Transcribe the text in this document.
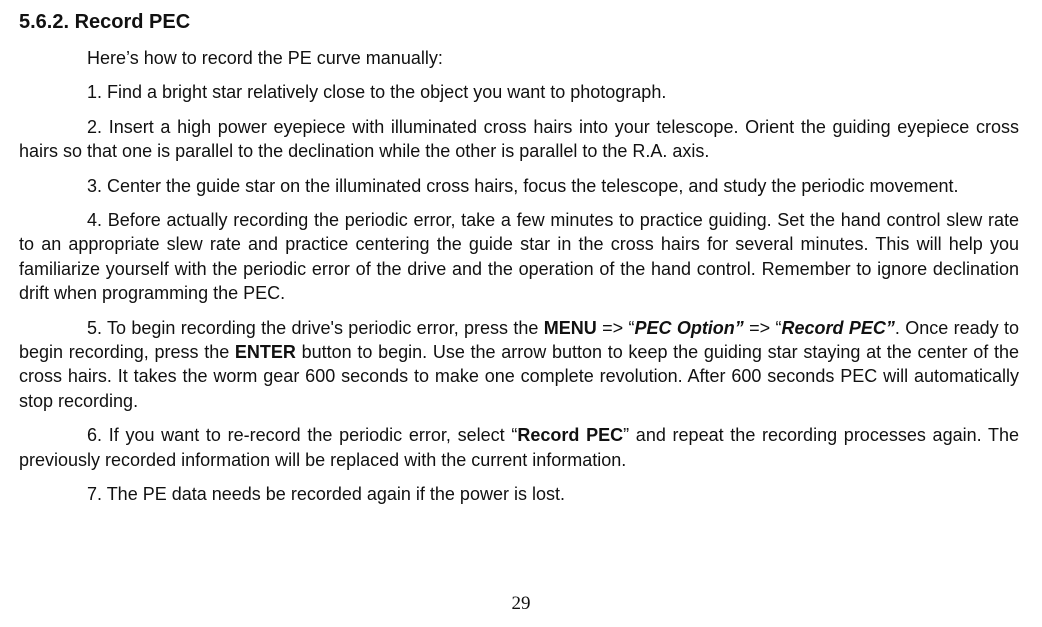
5.6.2. Record PEC

Here’s how to record the PE curve manually:

1. Find a bright star relatively close to the object you want to photograph.

2. Insert a high power eyepiece with illuminated cross hairs into your telescope. Orient the guiding eyepiece cross hairs so that one is parallel to the declination while the other is parallel to the R.A. axis.

3. Center the guide star on the illuminated cross hairs, focus the telescope, and study the periodic movement.

4. Before actually recording the periodic error, take a few minutes to practice guiding. Set the hand control slew rate to an appropriate slew rate and practice centering the guide star in the cross hairs for several minutes. This will help you familiarize yourself with the periodic error of the drive and the operation of the hand control. Remember to ignore declination drift when programming the PEC.

5. To begin recording the drive's periodic error, press the MENU => “PEC Option” => “Record PEC”. Once ready to begin recording, press the ENTER button to begin. Use the arrow button to keep the guiding star staying at the center of the cross hairs. It takes the worm gear 600 seconds to make one complete revolution. After 600 seconds PEC will automatically stop recording.

6. If you want to re-record the periodic error, select “Record PEC” and repeat the recording processes again. The previously recorded information will be replaced with the current information.

7. The PE data needs be recorded again if the power is lost.

29
